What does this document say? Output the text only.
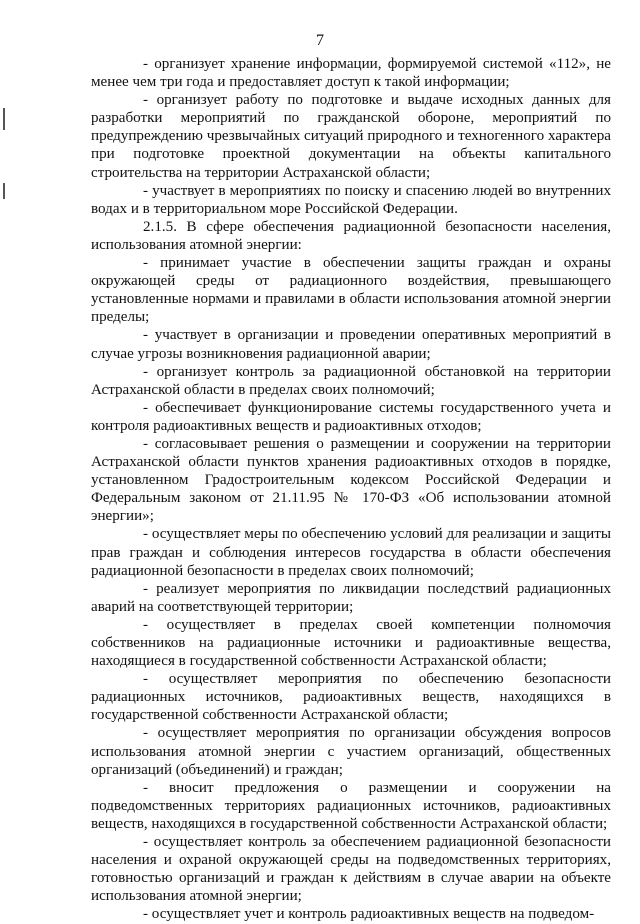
7

- организует хранение информации, формируемой системой «112», не менее чем три года и предоставляет доступ к такой информации;

- организует работу по подготовке и выдаче исходных данных для разработки мероприятий по гражданской обороне, мероприятий по предупреждению чрезвычайных ситуаций природного и техногенного характера при подготовке проектной документации на объекты капитального строительства на территории Астраханской области;

- участвует в мероприятиях по поиску и спасению людей во внутренних водах и в территориальном море Российской Федерации.

2.1.5. В сфере обеспечения радиационной безопасности населения, использования атомной энергии:

- принимает участие в обеспечении защиты граждан и охраны окружающей среды от радиационного воздействия, превышающего установленные нормами и правилами в области использования атомной энергии пределы;

- участвует в организации и проведении оперативных мероприятий в случае угрозы возникновения радиационной аварии;

- организует контроль за радиационной обстановкой на территории Астраханской области в пределах своих полномочий;

- обеспечивает функционирование системы государственного учета и контроля радиоактивных веществ и радиоактивных отходов;

- согласовывает решения о размещении и сооружении на территории Астраханской области пунктов хранения радиоактивных отходов в порядке, установленном Градостроительным кодексом Российской Федерации и Федеральным законом от 21.11.95 № 170-ФЗ «Об использовании атомной энергии»;

- осуществляет меры по обеспечению условий для реализации и защиты прав граждан и соблюдения интересов государства в области обеспечения радиационной безопасности в пределах своих полномочий;

- реализует мероприятия по ликвидации последствий радиационных аварий на соответствующей территории;

- осуществляет в пределах своей компетенции полномочия собственников на радиационные источники и радиоактивные вещества, находящиеся в государственной собственности Астраханской области;

- осуществляет мероприятия по обеспечению безопасности радиационных источников, радиоактивных веществ, находящихся в государственной собственности Астраханской области;

- осуществляет мероприятия по организации обсуждения вопросов использования атомной энергии с участием организаций, общественных организаций (объединений) и граждан;

- вносит предложения о размещении и сооружении на подведомственных территориях радиационных источников, радиоактивных веществ, находящихся в государственной собственности Астраханской области;

- осуществляет контроль за обеспечением радиационной безопасности населения и охраной окружающей среды на подведомственных территориях, готовностью организаций и граждан к действиям в случае аварии на объекте использования атомной энергии;

- осуществляет учет и контроль радиоактивных веществ на подведом-
